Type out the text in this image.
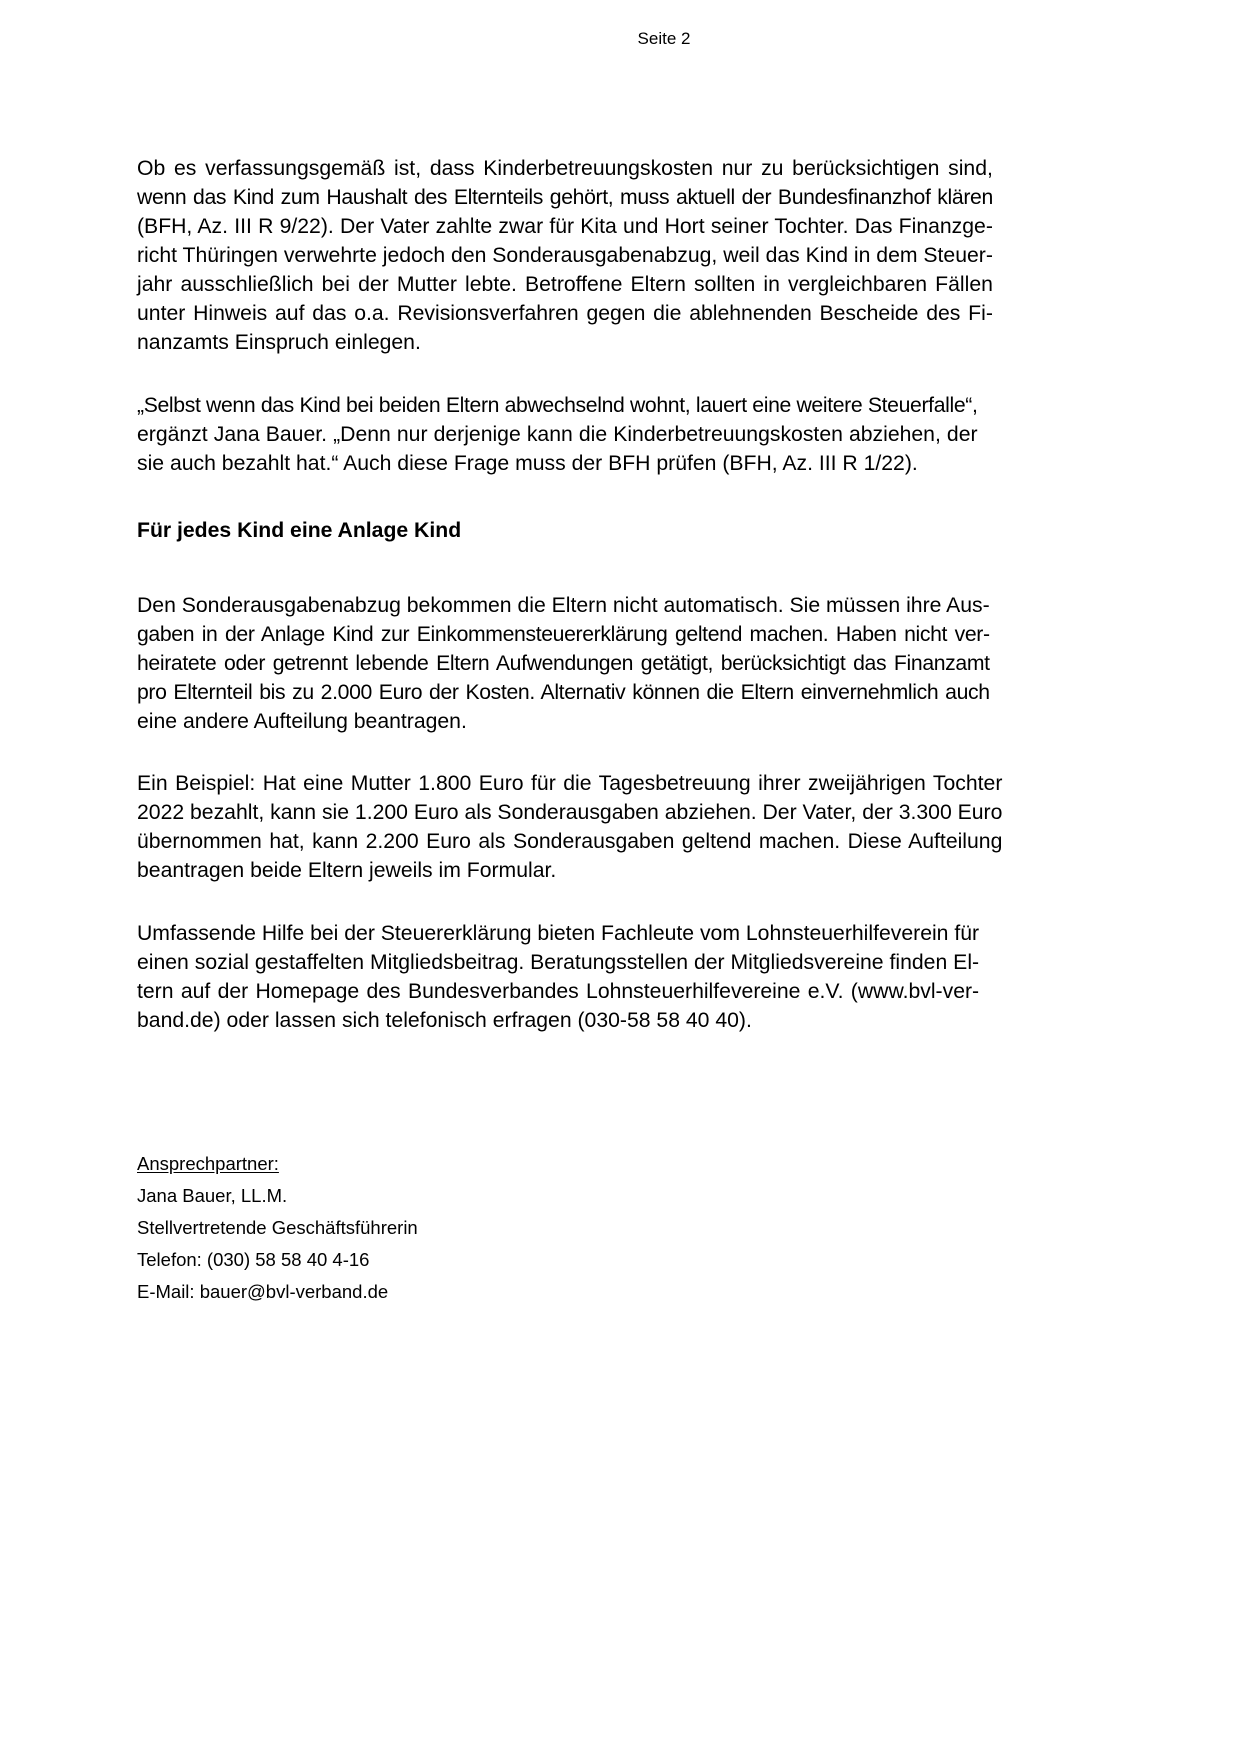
Seite 2

Ob es verfassungsgemäß ist, dass Kinderbetreuungskosten nur zu berücksichtigen sind,
wenn das Kind zum Haushalt des Elternteils gehört, muss aktuell der Bundesfinanzhof klären
(BFH, Az. III R 9/22). Der Vater zahlte zwar für Kita und Hort seiner Tochter. Das Finanzge-
richt Thüringen verwehrte jedoch den Sonderausgabenabzug, weil das Kind in dem Steuer-
jahr ausschließlich bei der Mutter lebte. Betroffene Eltern sollten in vergleichbaren Fällen
unter Hinweis auf das o.a. Revisionsverfahren gegen die ablehnenden Bescheide des Fi-
nanzamts Einspruch einlegen.

„Selbst wenn das Kind bei beiden Eltern abwechselnd wohnt, lauert eine weitere Steuerfalle“,
ergänzt Jana Bauer. „Denn nur derjenige kann die Kinderbetreuungskosten abziehen, der
sie auch bezahlt hat.“ Auch diese Frage muss der BFH prüfen (BFH, Az. III R 1/22).

Für jedes Kind eine Anlage Kind

Den Sonderausgabenabzug bekommen die Eltern nicht automatisch. Sie müssen ihre Aus-
gaben in der Anlage Kind zur Einkommensteuererklärung geltend machen. Haben nicht ver-
heiratete oder getrennt lebende Eltern Aufwendungen getätigt, berücksichtigt das Finanzamt
pro Elternteil bis zu 2.000 Euro der Kosten. Alternativ können die Eltern einvernehmlich auch
eine andere Aufteilung beantragen.

Ein Beispiel: Hat eine Mutter 1.800 Euro für die Tagesbetreuung ihrer zweijährigen Tochter
2022 bezahlt, kann sie 1.200 Euro als Sonderausgaben abziehen. Der Vater, der 3.300 Euro
übernommen hat, kann 2.200 Euro als Sonderausgaben geltend machen. Diese Aufteilung
beantragen beide Eltern jeweils im Formular.

Umfassende Hilfe bei der Steuererklärung bieten Fachleute vom Lohnsteuerhilfeverein für
einen sozial gestaffelten Mitgliedsbeitrag. Beratungsstellen der Mitgliedsvereine finden El-
tern auf der Homepage des Bundesverbandes Lohnsteuerhilfevereine e.V. (www.bvl-ver-
band.de) oder lassen sich telefonisch erfragen (030-58 58 40 40).

Ansprechpartner:
Jana Bauer, LL.M.
Stellvertretende Geschäftsführerin
Telefon: (030) 58 58 40 4-16
E-Mail: bauer@bvl-verband.de
